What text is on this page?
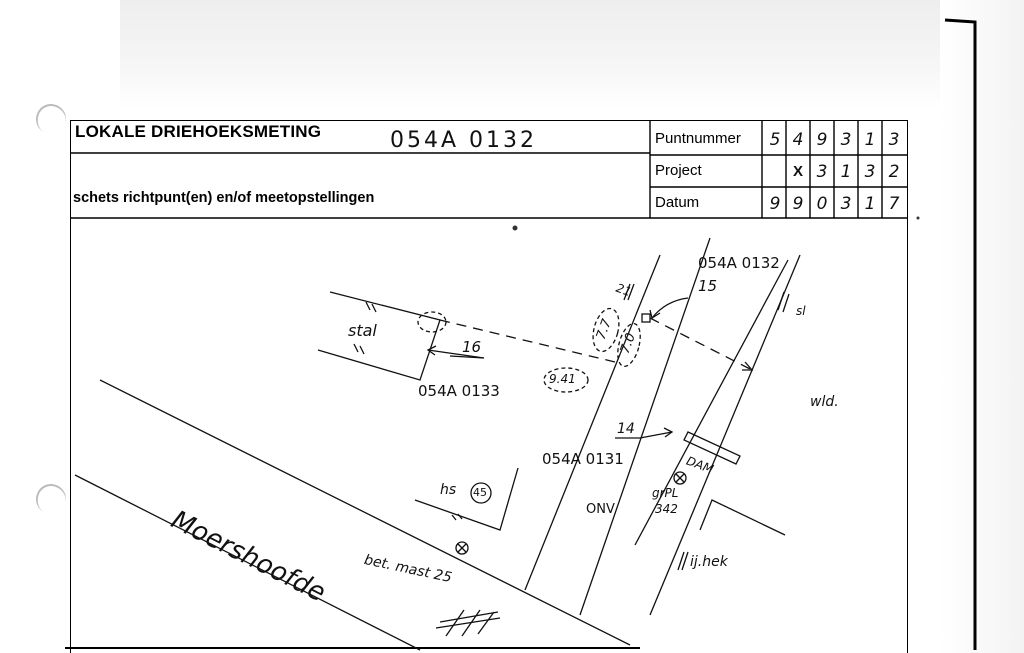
LOKALE DRIEHOEKSMETING	054A 0132
schets richtpunt(en) en/of meetopstellingen
Puntnummer
Project
Datum
5 4 9 3 1 3
X 3 1 3 2
9 9 0 3 1 7
054A 0132
054A 0133
054A 0131
15
16
14
stal
sl
wld.
DAM
grPL
342
ONV
hs 45
Moershoofde bet. mast 25	ij.hek
21
7.7
7.0
9.41
